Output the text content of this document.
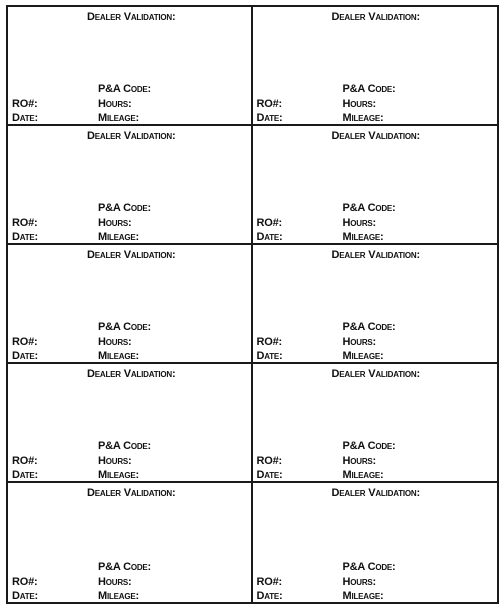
Dealer Validation:
P&A Code:
RO#:	Hours:
Date:	Mileage:
Dealer Validation:
P&A Code:
RO#:	Hours:
Date:	Mileage:
Dealer Validation:
P&A Code:
RO#:	Hours:
Date:	Mileage:
Dealer Validation:
P&A Code:
RO#:	Hours:
Date:	Mileage:
Dealer Validation:
P&A Code:
RO#:	Hours:
Date:	Mileage:
Dealer Validation:
P&A Code:
RO#:	Hours:
Date:	Mileage:
Dealer Validation:
P&A Code:
RO#:	Hours:
Date:	Mileage:
Dealer Validation:
P&A Code:
RO#:	Hours:
Date:	Mileage:
Dealer Validation:
P&A Code:
RO#:	Hours:
Date:	Mileage:
Dealer Validation:
P&A Code:
RO#:	Hours:
Date:	Mileage:
